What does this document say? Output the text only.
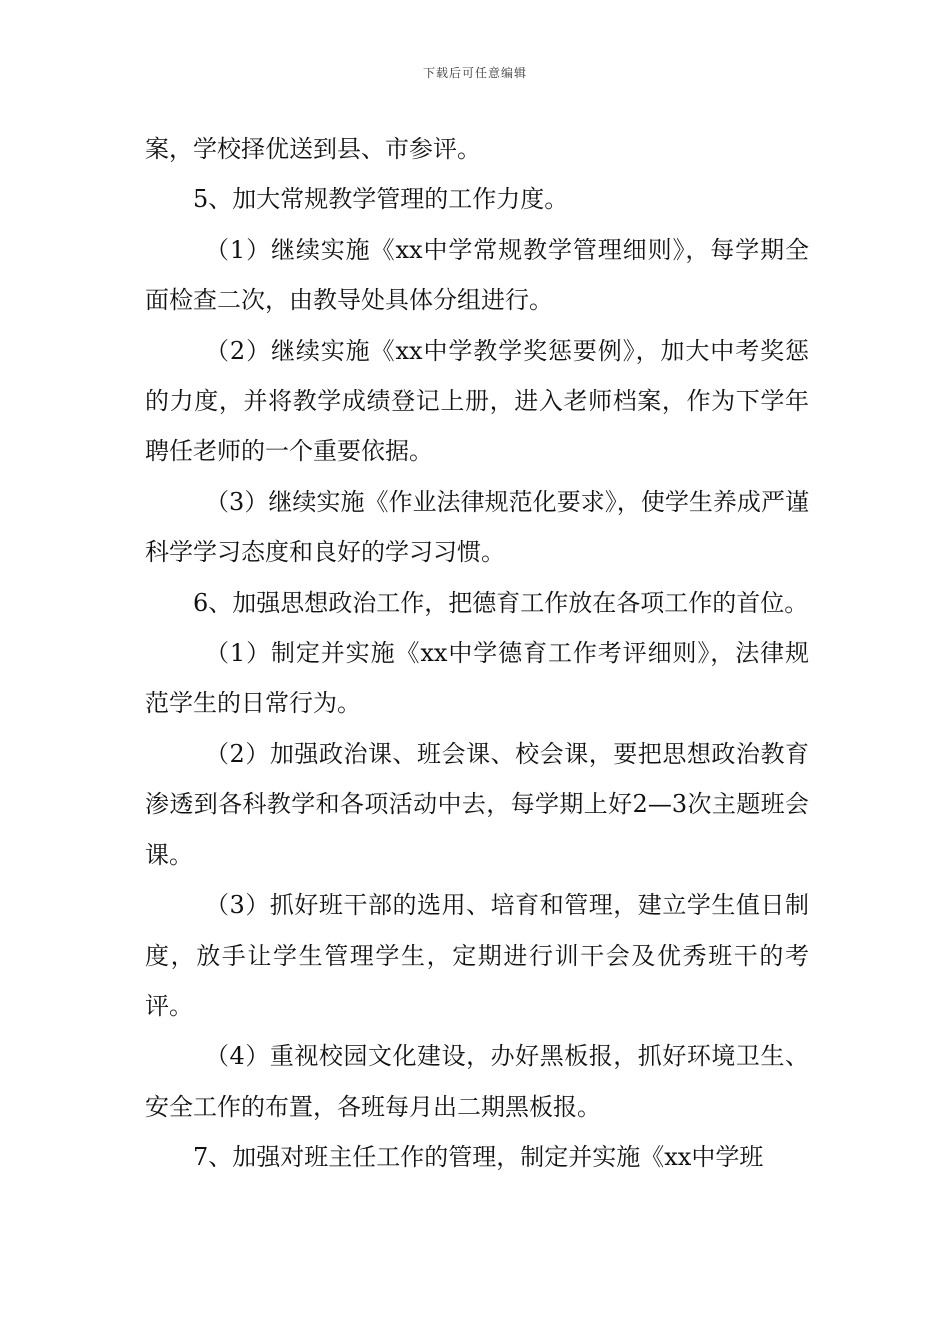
下载后可任意编辑

案，学校择优送到县、市参评。

5、加大常规教学管理的工作力度。

（1）继续实施《xx中学常规教学管理细则》，每学期全面检查二次，由教导处具体分组进行。

（2）继续实施《xx中学教学奖惩要例》，加大中考奖惩的力度，并将教学成绩登记上册，进入老师档案，作为下学年聘任老师的一个重要依据。

（3）继续实施《作业法律规范化要求》，使学生养成严谨科学学习态度和良好的学习习惯。

6、加强思想政治工作，把德育工作放在各项工作的首位。

（1）制定并实施《xx中学德育工作考评细则》，法律规范学生的日常行为。

（2）加强政治课、班会课、校会课，要把思想政治教育渗透到各科教学和各项活动中去，每学期上好2—3次主题班会课。

（3）抓好班干部的选用、培育和管理，建立学生值日制度，放手让学生管理学生，定期进行训干会及优秀班干的考评。

（4）重视校园文化建设，办好黑板报，抓好环境卫生、安全工作的布置，各班每月出二期黑板报。

7、加强对班主任工作的管理，制定并实施《xx中学班
